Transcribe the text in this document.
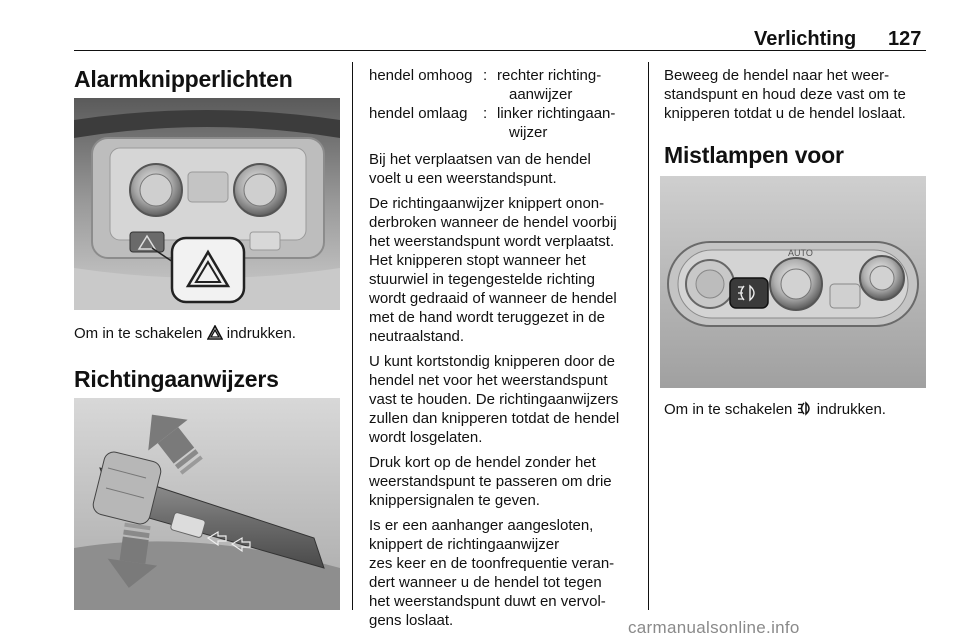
Verlichting 127
Alarmknipperlichten
Om in te schakelen indrukken.
Richtingaanwijzers
hendel omhoog : rechter richting-
aanwijzer
hendel omlaag	: linker richtingaan-
wijzer

Bij het verplaatsen van de hendel
voelt u een weerstandspunt.

De richtingaanwijzer knippert onon-
derbroken wanneer de hendel voorbij
het weerstandspunt wordt verplaatst.
Het knipperen stopt wanneer het
stuurwiel in tegengestelde richting
wordt gedraaid of wanneer de hendel
met de hand wordt teruggezet in de
neutraalstand.

U kunt kortstondig knipperen door de
hendel net voor het weerstandspunt
vast te houden. De richtingaanwijzers
zullen dan knipperen totdat de hendel
wordt losgelaten.

Druk kort op de hendel zonder het
weerstandspunt te passeren om drie
knippersignalen te geven.

Is er een aanhanger aangesloten,
knippert de richtingaanwijzer
zes keer en de toonfrequentie veran-
dert wanneer u de hendel tot tegen
het weerstandspunt duwt en vervol-
gens loslaat.

Beweeg de hendel naar het weer-
standspunt en houd deze vast om te
knipperen totdat u de hendel loslaat.

Mistlampen voor
AUTO
Om in te schakelen indrukken.
carmanualsonline.info
